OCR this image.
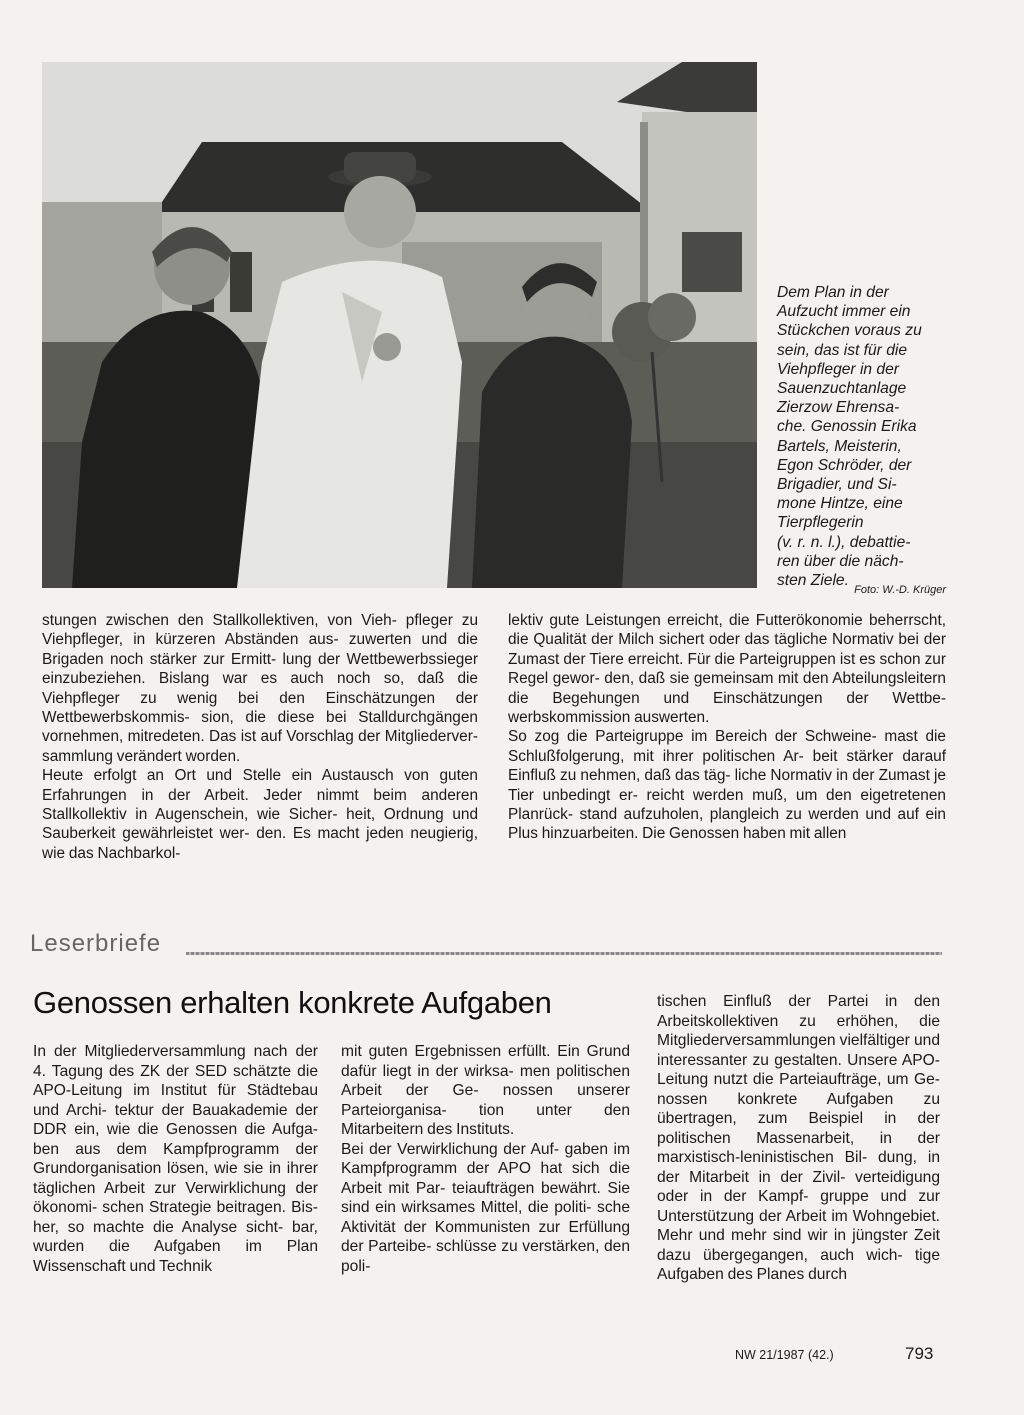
Dem Plan in der

Aufzucht immer ein

Stückchen voraus zu

sein, das ist für die

Viehpfleger in der

Sauenzuchtanlage

Zierzow Ehrensa-

che. Genossin Erika

Bartels, Meisterin,

Egon Schröder, der

Brigadier, und Si-

mone Hintze, eine

Tierpflegerin

(v. r. n. l.), debattie-

ren über die näch-

sten Ziele.

Foto: W.-D. Krüger

stungen zwischen den Stallkollektiven, von Vieh- pfleger zu Viehpfleger, in kürzeren Abständen aus- zuwerten und die Brigaden noch stärker zur Ermitt- lung der Wettbewerbssieger einzubeziehen. Bislang war es auch noch so, daß die Viehpfleger zu wenig bei den Einschätzungen der Wettbewerbskommis- sion, die diese bei Stalldurchgängen vornehmen, mitredeten. Das ist auf Vorschlag der Mitgliederver- sammlung verändert worden.

Heute erfolgt an Ort und Stelle ein Austausch von guten Erfahrungen in der Arbeit. Jeder nimmt beim anderen Stallkollektiv in Augenschein, wie Sicher- heit, Ordnung und Sauberkeit gewährleistet wer- den. Es macht jeden neugierig, wie das Nachbarkol-

lektiv gute Leistungen erreicht, die Futterökonomie beherrscht, die Qualität der Milch sichert oder das tägliche Normativ bei der Zumast der Tiere erreicht. Für die Parteigruppen ist es schon zur Regel gewor- den, daß sie gemeinsam mit den Abteilungsleitern die Begehungen und Einschätzungen der Wettbe- werbskommission auswerten.

So zog die Parteigruppe im Bereich der Schweine- mast die Schlußfolgerung, mit ihrer politischen Ar- beit stärker darauf Einfluß zu nehmen, daß das täg- liche Normativ in der Zumast je Tier unbedingt er- reicht werden muß, um den eigetretenen Planrück- stand aufzuholen, plangleich zu werden und auf ein Plus hinzuarbeiten. Die Genossen haben mit allen

Leserbriefe
Genossen erhalten konkrete Aufgaben

In der Mitgliederversammlung nach der 4. Tagung des ZK der SED schätzte die APO-Leitung im Institut für Städtebau und Archi- tektur der Bauakademie der DDR ein, wie die Genossen die Aufga- ben aus dem Kampfprogramm der Grundorganisation lösen, wie sie in ihrer täglichen Arbeit zur Verwirklichung der ökonomi- schen Strategie beitragen. Bis- her, so machte die Analyse sicht- bar, wurden die Aufgaben im Plan Wissenschaft und Technik

mit guten Ergebnissen erfüllt. Ein Grund dafür liegt in der wirksa- men politischen Arbeit der Ge- nossen unserer Parteiorganisa- tion unter den Mitarbeitern des Instituts.

Bei der Verwirklichung der Auf- gaben im Kampfprogramm der APO hat sich die Arbeit mit Par- teiaufträgen bewährt. Sie sind ein wirksames Mittel, die politi- sche Aktivität der Kommunisten zur Erfüllung der Parteibe- schlüsse zu verstärken, den poli-

tischen Einfluß der Partei in den Arbeitskollektiven zu erhöhen, die Mitgliederversammlungen vielfältiger und interessanter zu gestalten. Unsere APO-Leitung nutzt die Parteiaufträge, um Ge- nossen konkrete Aufgaben zu übertragen, zum Beispiel in der politischen Massenarbeit, in der marxistisch-leninistischen Bil- dung, in der Mitarbeit in der Zivil- verteidigung oder in der Kampf- gruppe und zur Unterstützung der Arbeit im Wohngebiet. Mehr und mehr sind wir in jüngster Zeit dazu übergegangen, auch wich- tige Aufgaben des Planes durch

NW 21/1987 (42.)	793
